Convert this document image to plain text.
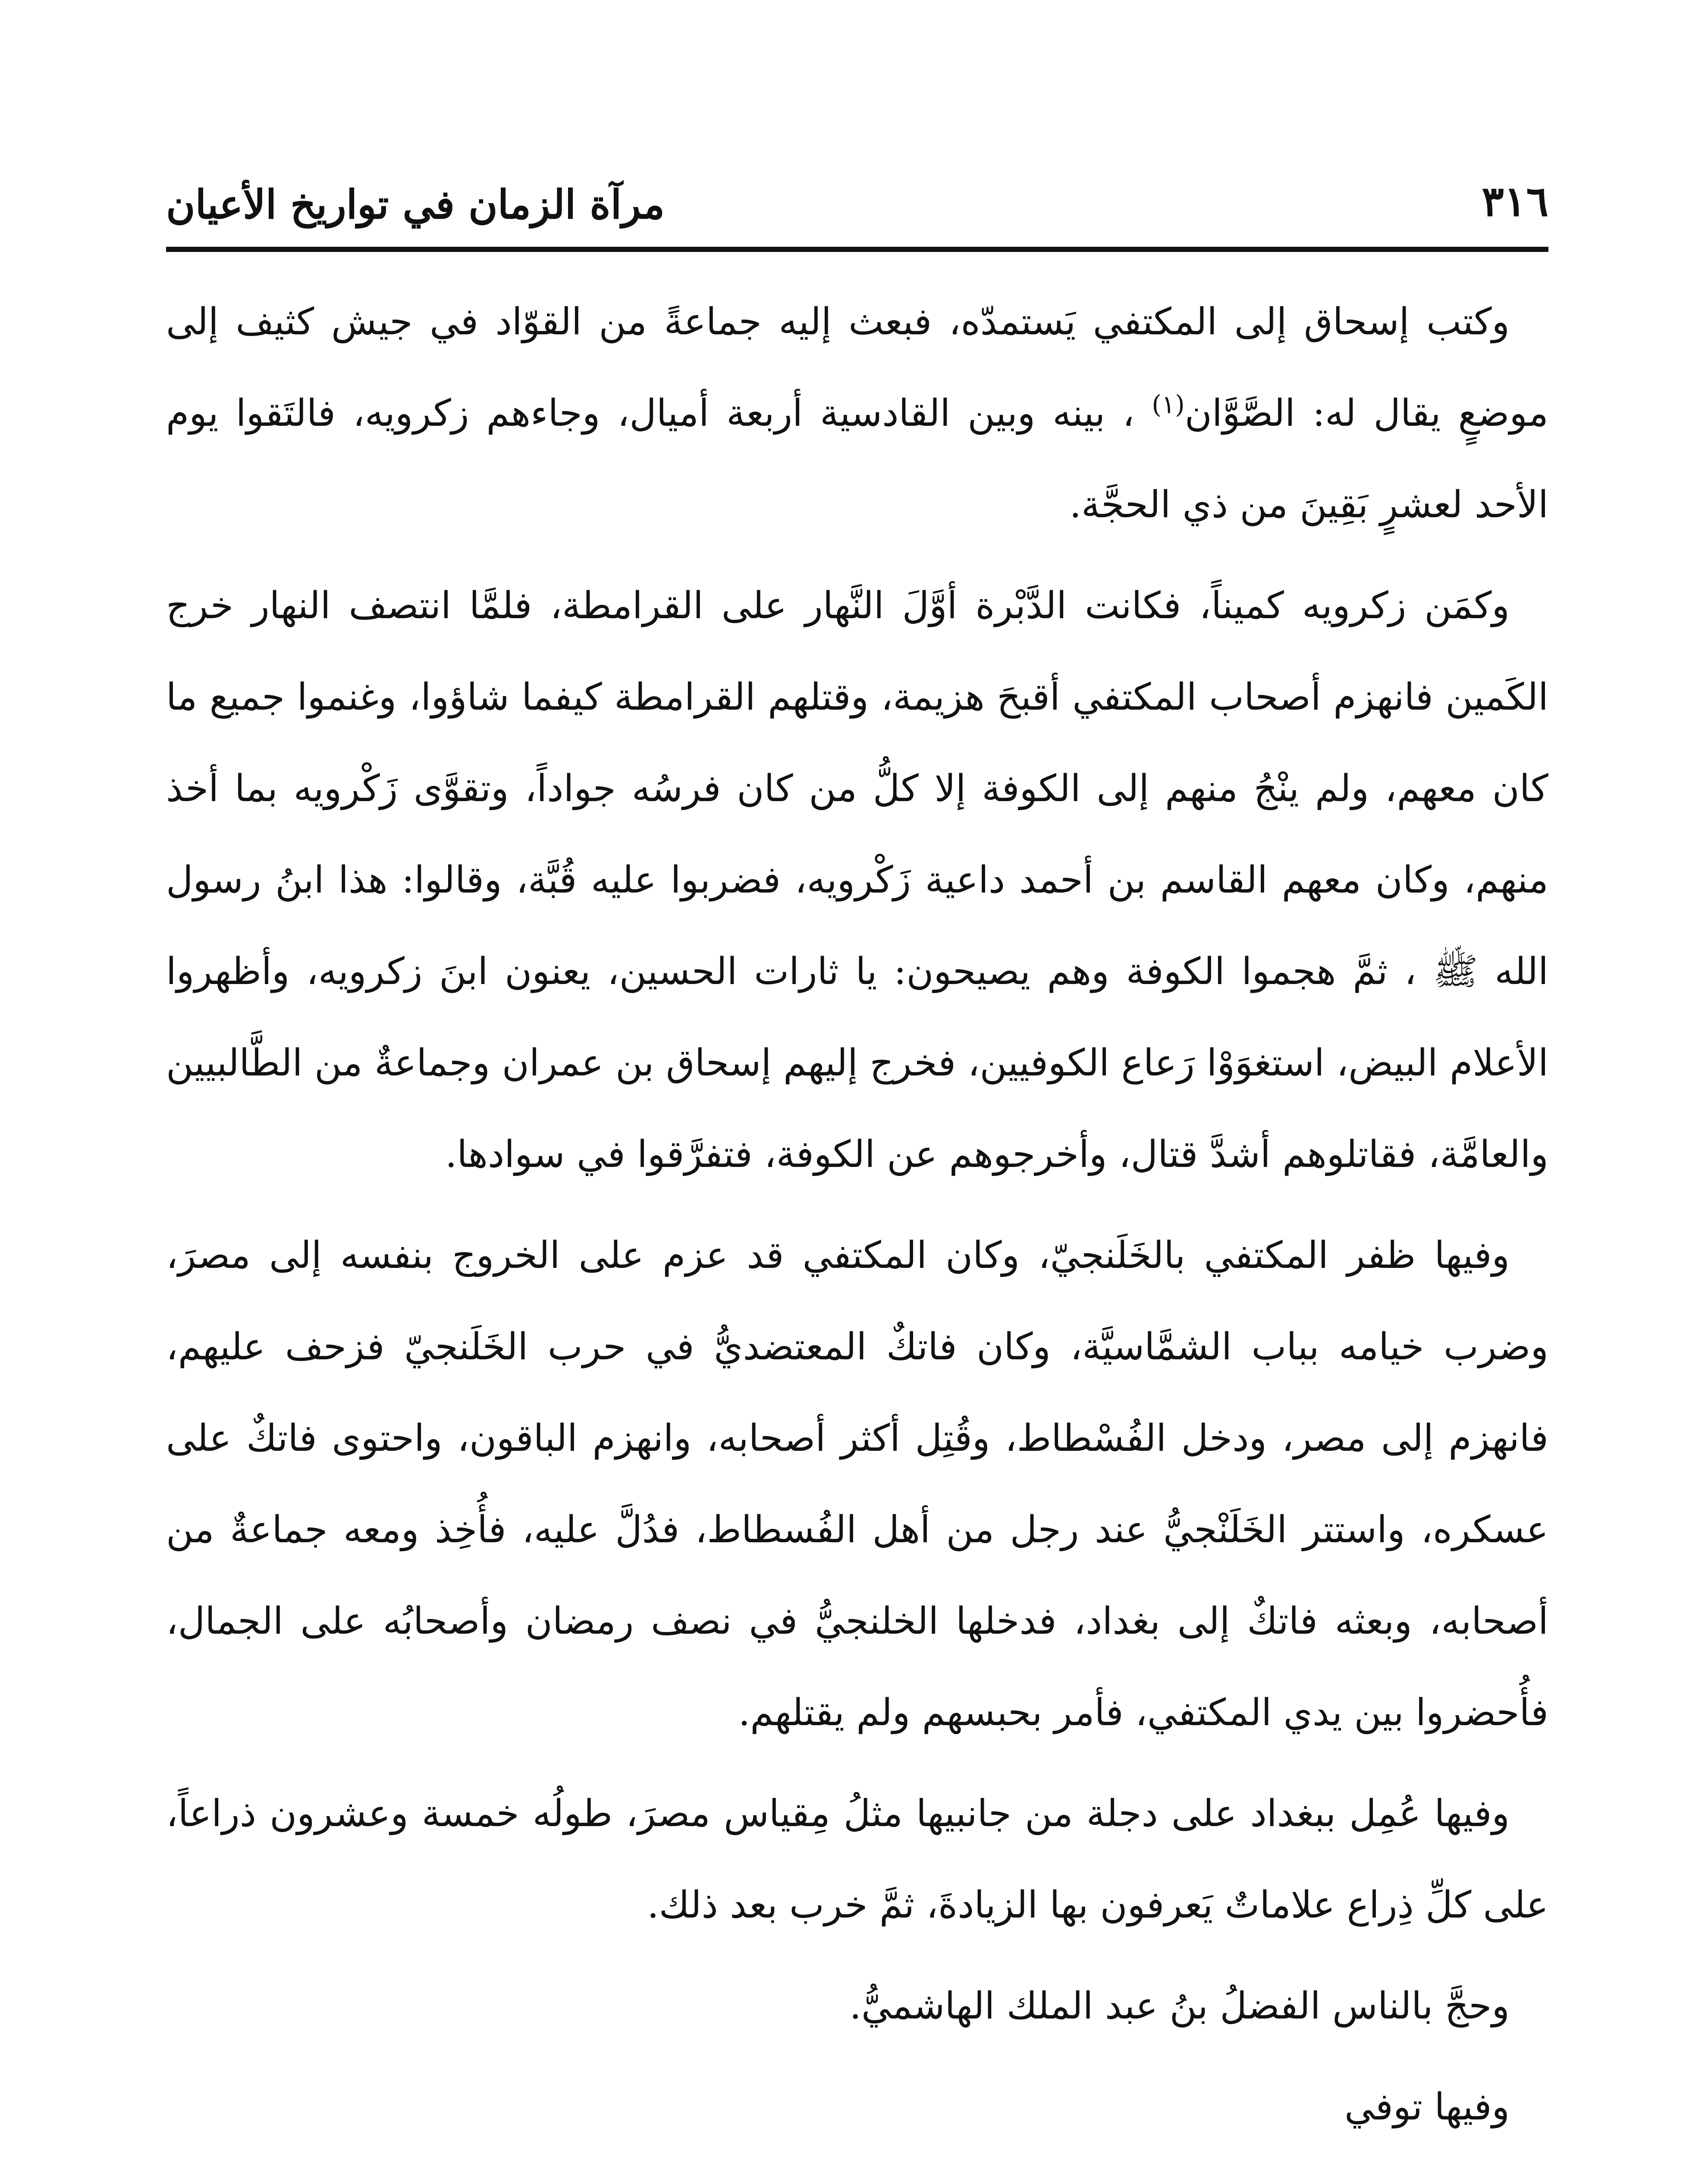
مرآة الزمان في تواريخ الأعيان	٣١٦

وكتب إسحاق إلى المكتفي يَستمدّه، فبعث إليه جماعةً من القوّاد في جيش كثيف إلى موضعٍ يقال له: الصَّوَّان$^{(١)}$ ، بينه وبين القادسية أربعة أميال، وجاءهم زكرويه، فالتَقوا يوم الأحد لعشرٍ بَقِينَ من ذي الحجَّة.

وكمَن زكرويه كميناً، فكانت الدَّبْرة أوَّلَ النَّهار على القرامطة، فلمَّا انتصف النهار خرج الكَمين فانهزم أصحاب المكتفي أقبحَ هزيمة، وقتلهم القرامطة كيفما شاؤوا، وغنموا جميع ما كان معهم، ولم ينْجُ منهم إلى الكوفة إلا كلُّ من كان فرسُه جواداً، وتقوَّى زَكْرويه بما أخذ منهم، وكان معهم القاسم بن أحمد داعية زَكْرويه، فضربوا عليه قُبَّة، وقالوا: هذا ابنُ رسول الله ﷺ ، ثمَّ هجموا الكوفة وهم يصيحون: يا ثارات الحسين، يعنون ابنَ زكرويه، وأظهروا الأعلام البيض، استغوَوْا رَعاع الكوفيين، فخرج إليهم إسحاق بن عمران وجماعةٌ من الطَّالبيين والعامَّة، فقاتلوهم أشدَّ قتال، وأخرجوهم عن الكوفة، فتفرَّقوا في سوادها.

وفيها ظفر المكتفي بالخَلَنجيّ، وكان المكتفي قد عزم على الخروج بنفسه إلى مصرَ، وضرب خيامه بباب الشمَّاسيَّة، وكان فاتكٌ المعتضديُّ في حرب الخَلَنجيّ فزحف عليهم، فانهزم إلى مصر، ودخل الفُسْطاط، وقُتِل أكثر أصحابه، وانهزم الباقون، واحتوى فاتكٌ على عسكره، واستتر الخَلَنْجيُّ عند رجل من أهل الفُسطاط، فدُلَّ عليه، فأُخِذ ومعه جماعةٌ من أصحابه، وبعثه فاتكٌ إلى بغداد، فدخلها الخلنجيُّ في نصف رمضان وأصحابُه على الجمال، فأُحضروا بين يدي المكتفي، فأمر بحبسهم ولم يقتلهم.

وفيها عُمِل ببغداد على دجلة من جانبيها مثلُ مِقياس مصرَ، طولُه خمسة وعشرون ذراعاً، على كلِّ ذِراع علاماتٌ يَعرفون بها الزيادةَ، ثمَّ خرب بعد ذلك.

وحجَّ بالناس الفضلُ بنُ عبد الملك الهاشميُّ.

وفيها توفي
